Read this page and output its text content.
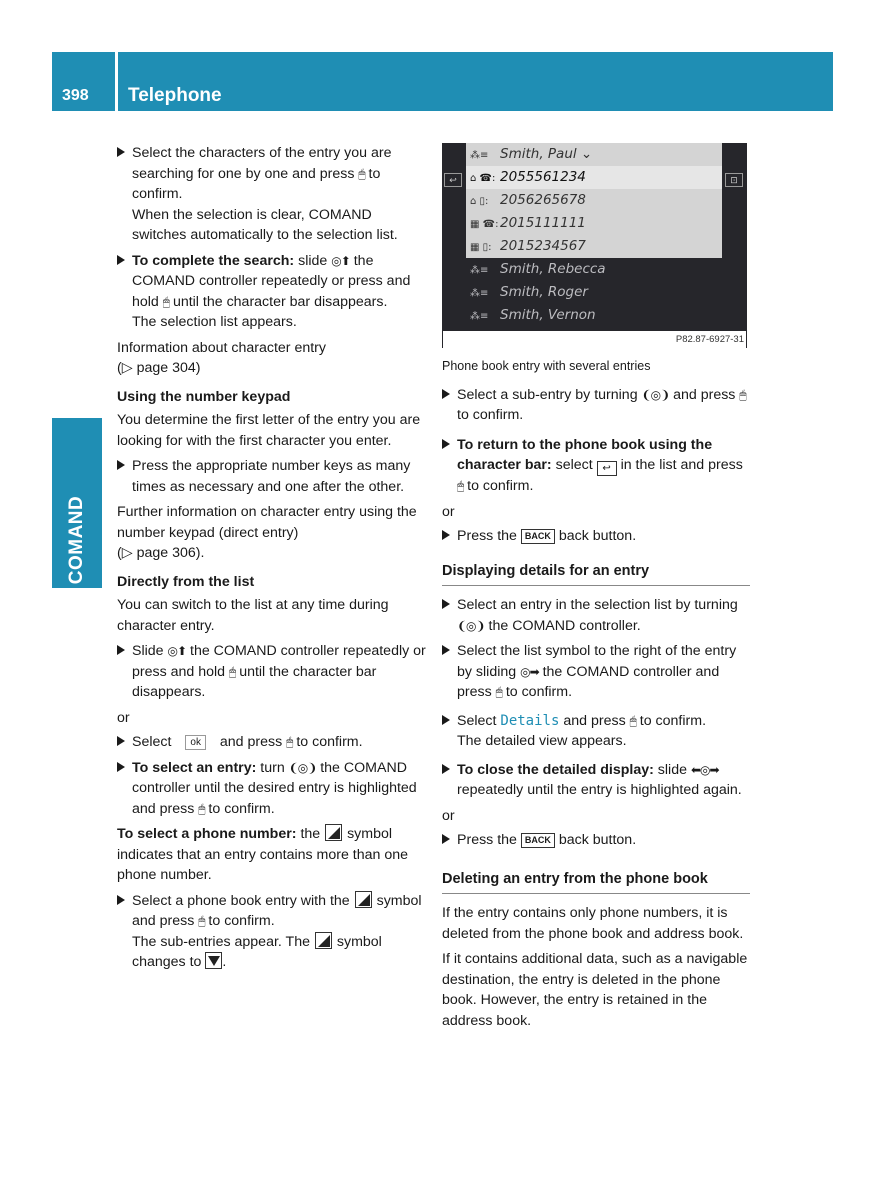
398	Telephone
COMAND
Select the characters of the entry you are searching for one by one and press 🖱 to confirm.
When the selection is clear, COMAND switches automatically to the selection list.
To complete the search: slide ◎⬆ the COMAND controller repeatedly or press and hold 🖱 until the character bar disappears.
The selection list appears.

Information about character entry
(▷ page 304)

Using the number keypad

You determine the first letter of the entry you are looking for with the first character you enter.

Press the appropriate number keys as many times as necessary and one after the other.

Further information on character entry using the number keypad (direct entry)
(▷ page 306).

Directly from the list

You can switch to the list at any time during character entry.

Slide ◎⬆ the COMAND controller repeatedly or press and hold 🖱 until the character bar disappears.
or
Select ok and press 🖱 to confirm.
To select an entry: turn ❨◎❩ the COMAND controller until the desired entry is highlighted and press 🖱 to confirm.

To select a phone number: the symbol indicates that an entry contains more than one phone number.

Select a phone book entry with the symbol and press 🖱 to confirm.
The sub-entries appear. The symbol changes to .
↩
⁂≡ Smith, Paul ⌄
⌂ ☎: 2055561234
⌂ ▯: 2056265678
▦ ☎: 2015111111
▦ ▯: 2015234567
⁂≡ Smith, Rebecca
⁂≡ Smith, Roger
⁂≡ Smith, Vernon
⊡
P82.87-6927-31
Phone book entry with several entries
Select a sub-entry by turning ❨◎❩ and press 🖱 to confirm.
To return to the phone book using the character bar: select ↩ in the list and press 🖱 to confirm.
or
Press the BACK back button.
Displaying details for an entry
Select an entry in the selection list by turning ❨◎❩ the COMAND controller.
Select the list symbol to the right of the entry by sliding ◎➡ the COMAND controller and press 🖱 to confirm.
Select Details and press 🖱 to confirm.
The detailed view appears.
To close the detailed display: slide ⬅◎➡ repeatedly until the entry is highlighted again.
or
Press the BACK back button.
Deleting an entry from the phone book

If the entry contains only phone numbers, it is deleted from the phone book and address book.

If it contains additional data, such as a navigable destination, the entry is deleted in the phone book. However, the entry is retained in the address book.
